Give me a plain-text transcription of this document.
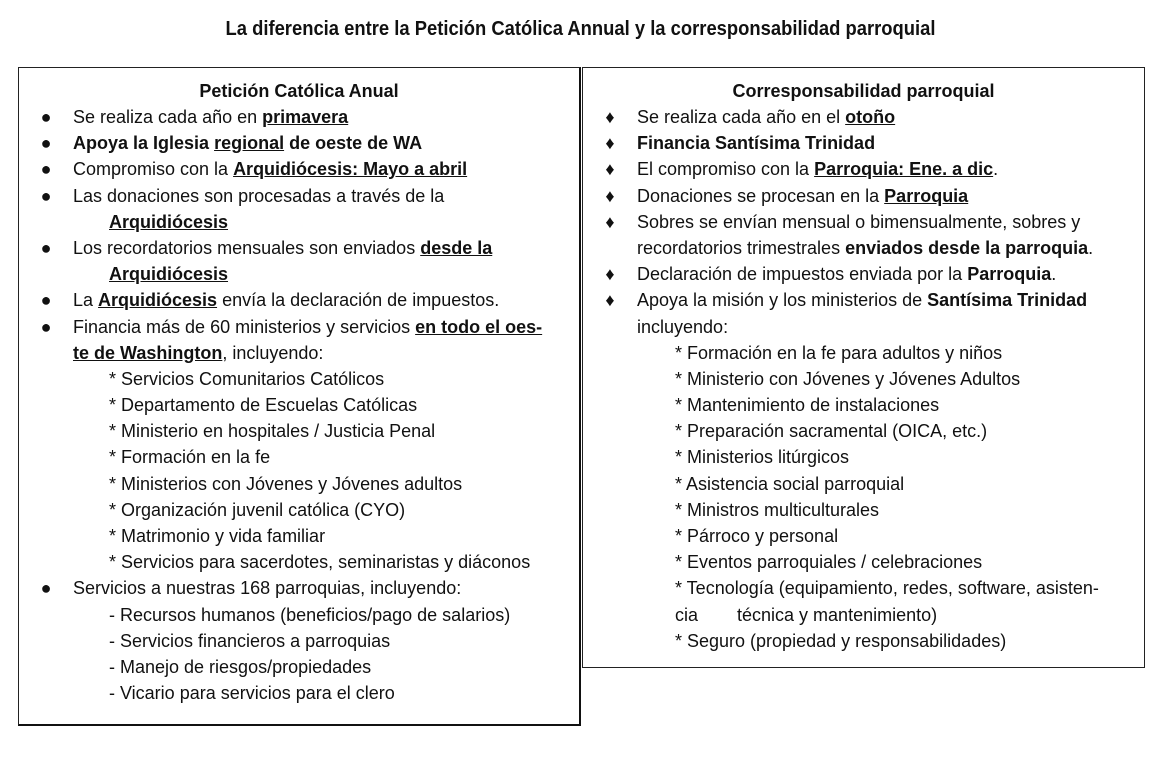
La diferencia entre la Petición Católica Annual y la corresponsabilidad parroquial
Petición Católica Anual
● Se realiza cada año en primavera
● Apoya la Iglesia regional de oeste de WA
● Compromiso con la Arquidiócesis: Mayo a abril
● Las donaciones son procesadas a través de la
Arquidiócesis
● Los recordatorios mensuales son enviados desde la
Arquidiócesis
● La Arquidiócesis envía la declaración de impuestos.
● Financia más de 60 ministerios y servicios en todo el oes-
te de Washington, incluyendo:
* Servicios Comunitarios Católicos
* Departamento de Escuelas Católicas
* Ministerio en hospitales / Justicia Penal
* Formación en la fe
* Ministerios con Jóvenes y Jóvenes adultos
* Organización juvenil católica (CYO)
* Matrimonio y vida familiar
* Servicios para sacerdotes, seminaristas y diáconos
● Servicios a nuestras 168 parroquias, incluyendo:
- Recursos humanos (beneficios/pago de salarios)
- Servicios financieros a parroquias
- Manejo de riesgos/propiedades
- Vicario para servicios para el clero
Corresponsabilidad parroquial
♦ Se realiza cada año en el otoño
♦ Financia Santísima Trinidad
♦ El compromiso con la Parroquia: Ene. a dic.
♦ Donaciones se procesan en la Parroquia
♦ Sobres se envían mensual o bimensualmente, sobres y
recordatorios trimestrales enviados desde la parroquia.
♦ Declaración de impuestos enviada por la Parroquia.
♦ Apoya la misión y los ministerios de Santísima Trinidad
incluyendo:
* Formación en la fe para adultos y niños
* Ministerio con Jóvenes y Jóvenes Adultos
* Mantenimiento de instalaciones
* Preparación sacramental (OICA, etc.)
* Ministerios litúrgicos
* Asistencia social parroquial
* Ministros multiculturales
* Párroco y personal
* Eventos parroquiales / celebraciones
* Tecnología (equipamiento, redes, software, asisten-
cia técnica y mantenimiento)
* Seguro (propiedad y responsabilidades)
